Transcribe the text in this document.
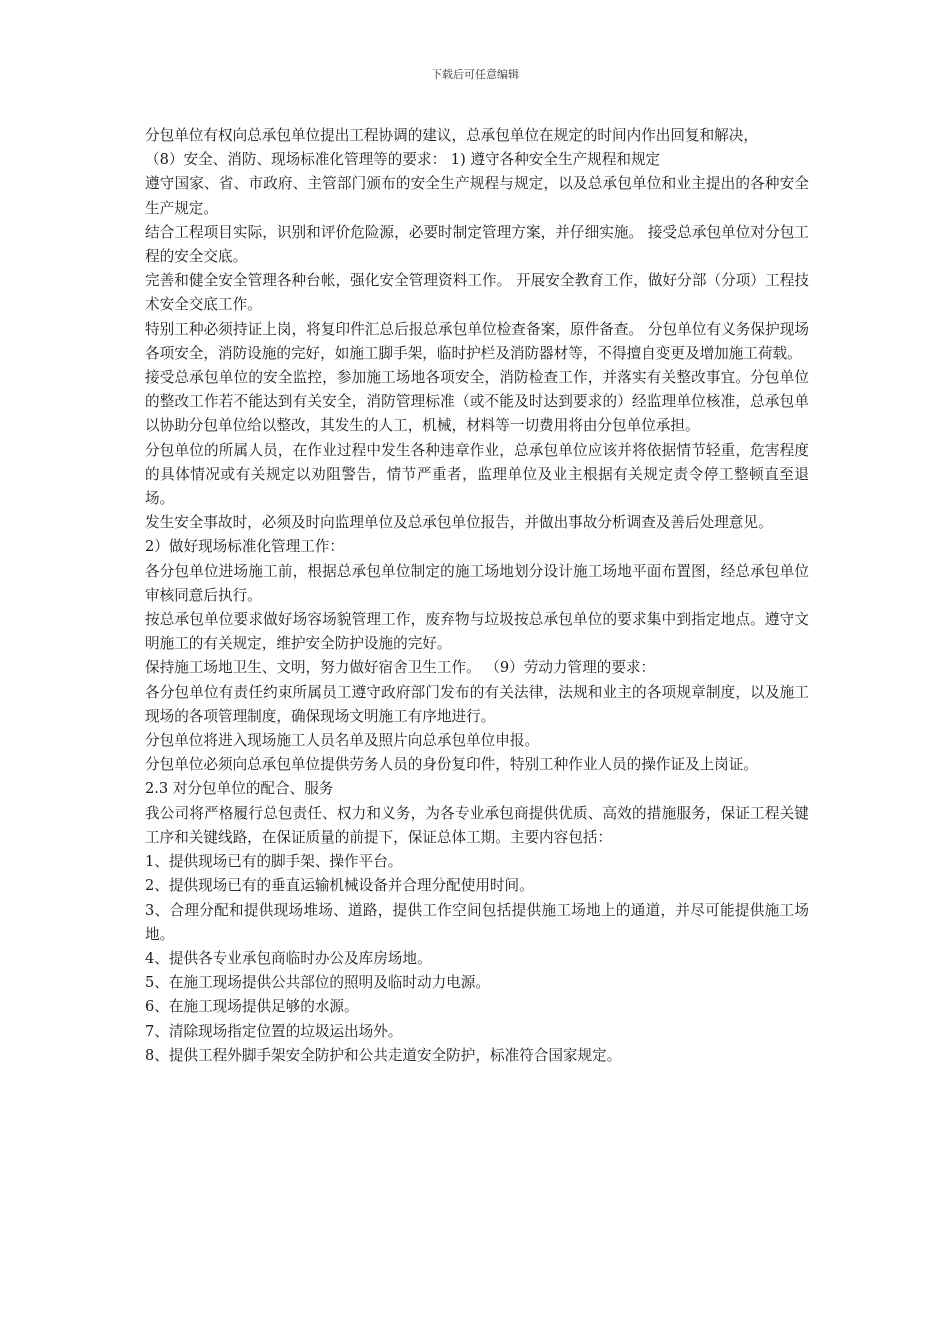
下载后可任意编辑

分包单位有权向总承包单位提出工程协调的建议，总承包单位在规定的时间内作出回复和解决，

（8）安全、消防、现场标准化管理等的要求： 1) 遵守各种安全生产规程和规定

遵守国家、省、市政府、主管部门颁布的安全生产规程与规定，以及总承包单位和业主提出的各种安全生产规定。

结合工程项目实际，识别和评价危险源，必要时制定管理方案，并仔细实施。 接受总承包单位对分包工程的安全交底。

完善和健全安全管理各种台帐，强化安全管理资料工作。 开展安全教育工作，做好分部（分项）工程技术安全交底工作。

特别工种必须持证上岗，将复印件汇总后报总承包单位检查备案，原件备查。 分包单位有义务保护现场各项安全，消防设施的完好，如施工脚手架，临时护栏及消防器材等，不得擅自变更及增加施工荷载。

接受总承包单位的安全监控，参加施工场地各项安全，消防检查工作，并落实有关整改事宜。分包单位的整改工作若不能达到有关安全，消防管理标准（或不能及时达到要求的）经监理单位核准，总承包单以协助分包单位给以整改，其发生的人工，机械，材料等一切费用将由分包单位承担。

分包单位的所属人员，在作业过程中发生各种违章作业，总承包单位应该并将依据情节轻重，危害程度的具体情况或有关规定以劝阻警告，情节严重者，监理单位及业主根据有关规定责令停工整顿直至退场。

发生安全事故时，必须及时向监理单位及总承包单位报告，并做出事故分析调查及善后处理意见。

2）做好现场标准化管理工作：

各分包单位进场施工前，根据总承包单位制定的施工场地划分设计施工场地平面布置图，经总承包单位审核同意后执行。

按总承包单位要求做好场容场貌管理工作，废弃物与垃圾按总承包单位的要求集中到指定地点。遵守文明施工的有关规定，维护安全防护设施的完好。

保持施工场地卫生、文明，努力做好宿舍卫生工作。 （9）劳动力管理的要求：

各分包单位有责任约束所属员工遵守政府部门发布的有关法律，法规和业主的各项规章制度，以及施工现场的各项管理制度，确保现场文明施工有序地进行。

分包单位将进入现场施工人员名单及照片向总承包单位申报。

分包单位必须向总承包单位提供劳务人员的身份复印件，特别工种作业人员的操作证及上岗证。

2.3 对分包单位的配合、服务

我公司将严格履行总包责任、权力和义务，为各专业承包商提供优质、高效的措施服务，保证工程关键工序和关键线路，在保证质量的前提下，保证总体工期。主要内容包括：

1、提供现场已有的脚手架、操作平台。

2、提供现场已有的垂直运输机械设备并合理分配使用时间。

3、合理分配和提供现场堆场、道路，提供工作空间包括提供施工场地上的通道，并尽可能提供施工场地。

4、提供各专业承包商临时办公及库房场地。

5、在施工现场提供公共部位的照明及临时动力电源。

6、在施工现场提供足够的水源。

7、清除现场指定位置的垃圾运出场外。

8、提供工程外脚手架安全防护和公共走道安全防护，标准符合国家规定。
